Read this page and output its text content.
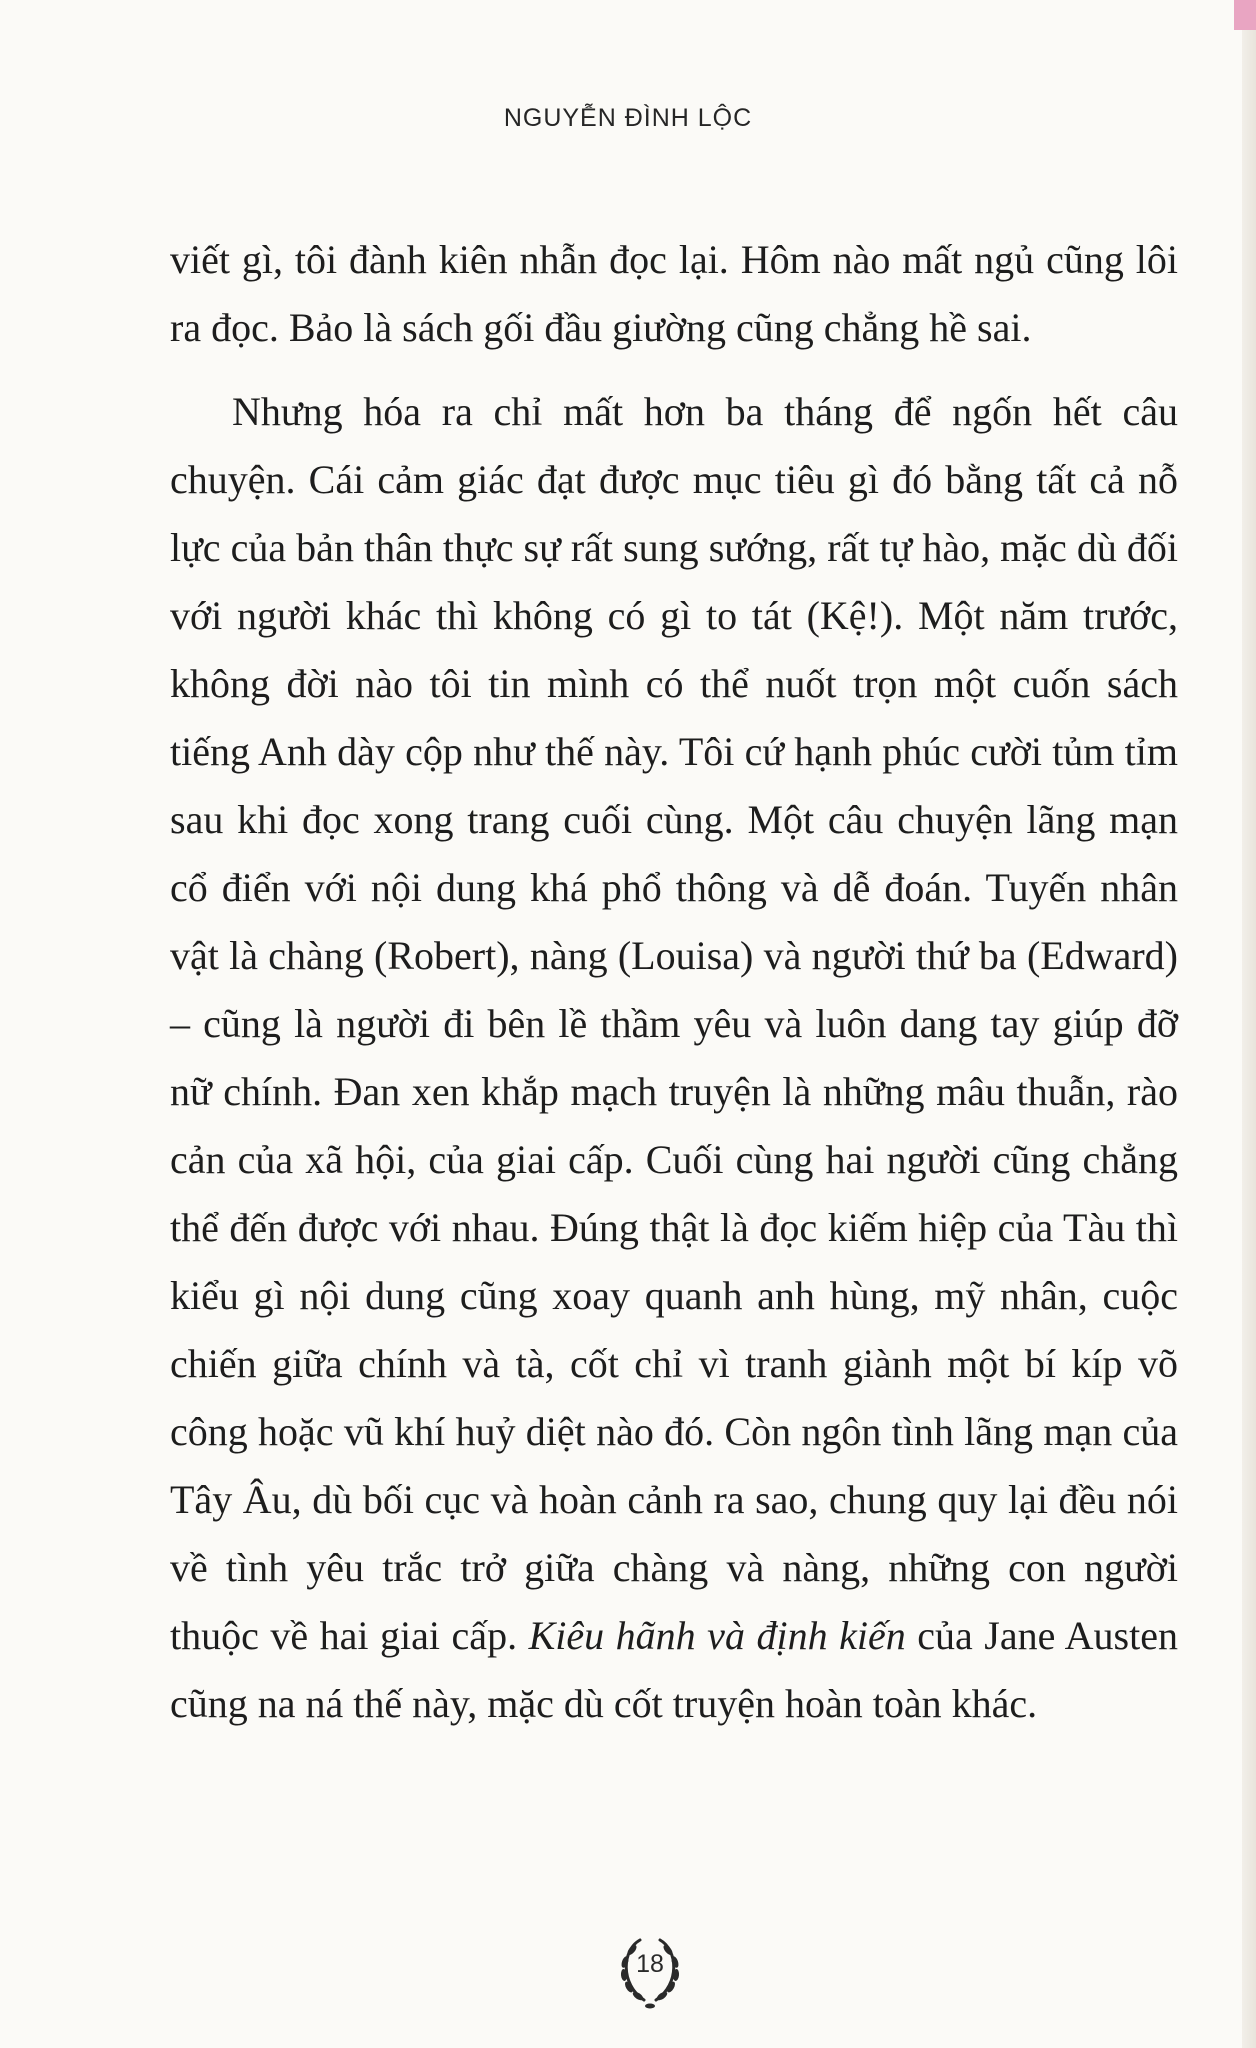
NGUYỄN ĐÌNH LỘC

viết gì, tôi đành kiên nhẫn đọc lại. Hôm nào mất ngủ cũng lôi ra đọc. Bảo là sách gối đầu giường cũng chẳng hề sai.

Nhưng hóa ra chỉ mất hơn ba tháng để ngốn hết câu chuyện. Cái cảm giác đạt được mục tiêu gì đó bằng tất cả nỗ lực của bản thân thực sự rất sung sướng, rất tự hào, mặc dù đối với người khác thì không có gì to tát (Kệ!). Một năm trước, không đời nào tôi tin mình có thể nuốt trọn một cuốn sách tiếng Anh dày cộp như thế này. Tôi cứ hạnh phúc cười tủm tỉm sau khi đọc xong trang cuối cùng. Một câu chuyện lãng mạn cổ điển với nội dung khá phổ thông và dễ đoán. Tuyến nhân vật là chàng (Robert), nàng (Louisa) và người thứ ba (Edward) – cũng là người đi bên lề thầm yêu và luôn dang tay giúp đỡ nữ chính. Đan xen khắp mạch truyện là những mâu thuẫn, rào cản của xã hội, của giai cấp. Cuối cùng hai người cũng chẳng thể đến được với nhau. Đúng thật là đọc kiếm hiệp của Tàu thì kiểu gì nội dung cũng xoay quanh anh hùng, mỹ nhân, cuộc chiến giữa chính và tà, cốt chỉ vì tranh giành một bí kíp võ công hoặc vũ khí huỷ diệt nào đó. Còn ngôn tình lãng mạn của Tây Âu, dù bối cục và hoàn cảnh ra sao, chung quy lại đều nói về tình yêu trắc trở giữa chàng và nàng, những con người thuộc về hai giai cấp. Kiêu hãnh và định kiến của Jane Austen cũng na ná thế này, mặc dù cốt truyện hoàn toàn khác.

18
